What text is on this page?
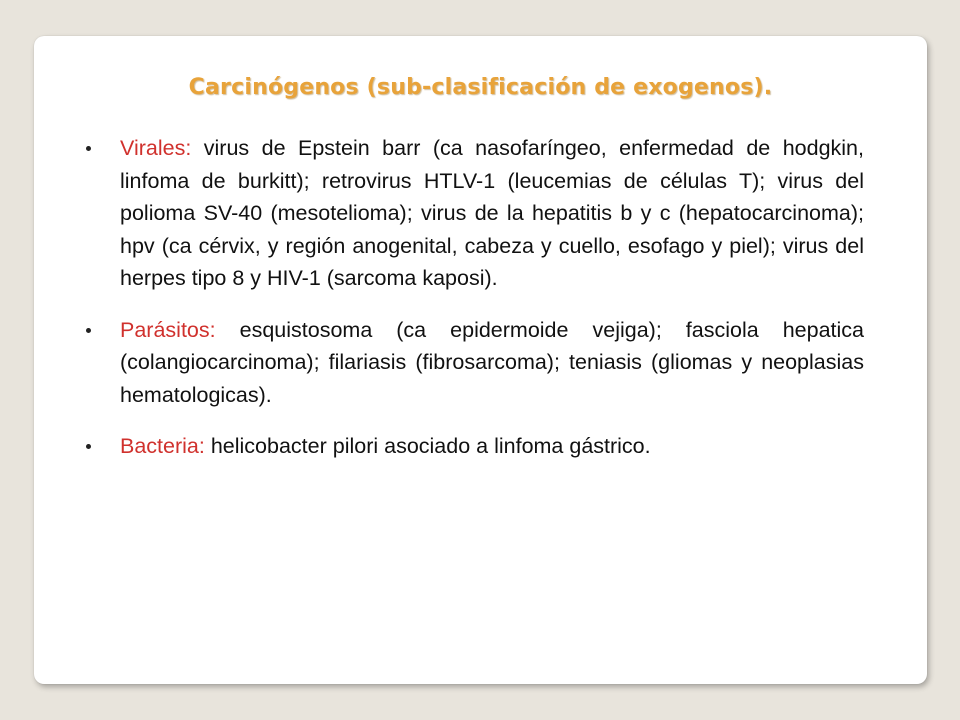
Carcinógenos (sub-clasificación de exogenos).
Virales: virus de Epstein barr (ca nasofaríngeo, enfermedad de hodgkin, linfoma de burkitt); retrovirus HTLV-1 (leucemias de células T); virus del polioma SV-40 (mesotelioma); virus de la hepatitis b y c (hepatocarcinoma); hpv (ca cérvix, y región anogenital, cabeza y cuello, esofago y piel); virus del herpes tipo 8 y HIV-1 (sarcoma kaposi).
Parásitos: esquistosoma (ca epidermoide vejiga); fasciola hepatica (colangiocarcinoma); filariasis (fibrosarcoma); teniasis (gliomas y neoplasias hematologicas).
Bacteria: helicobacter pilori asociado a linfoma gástrico.
